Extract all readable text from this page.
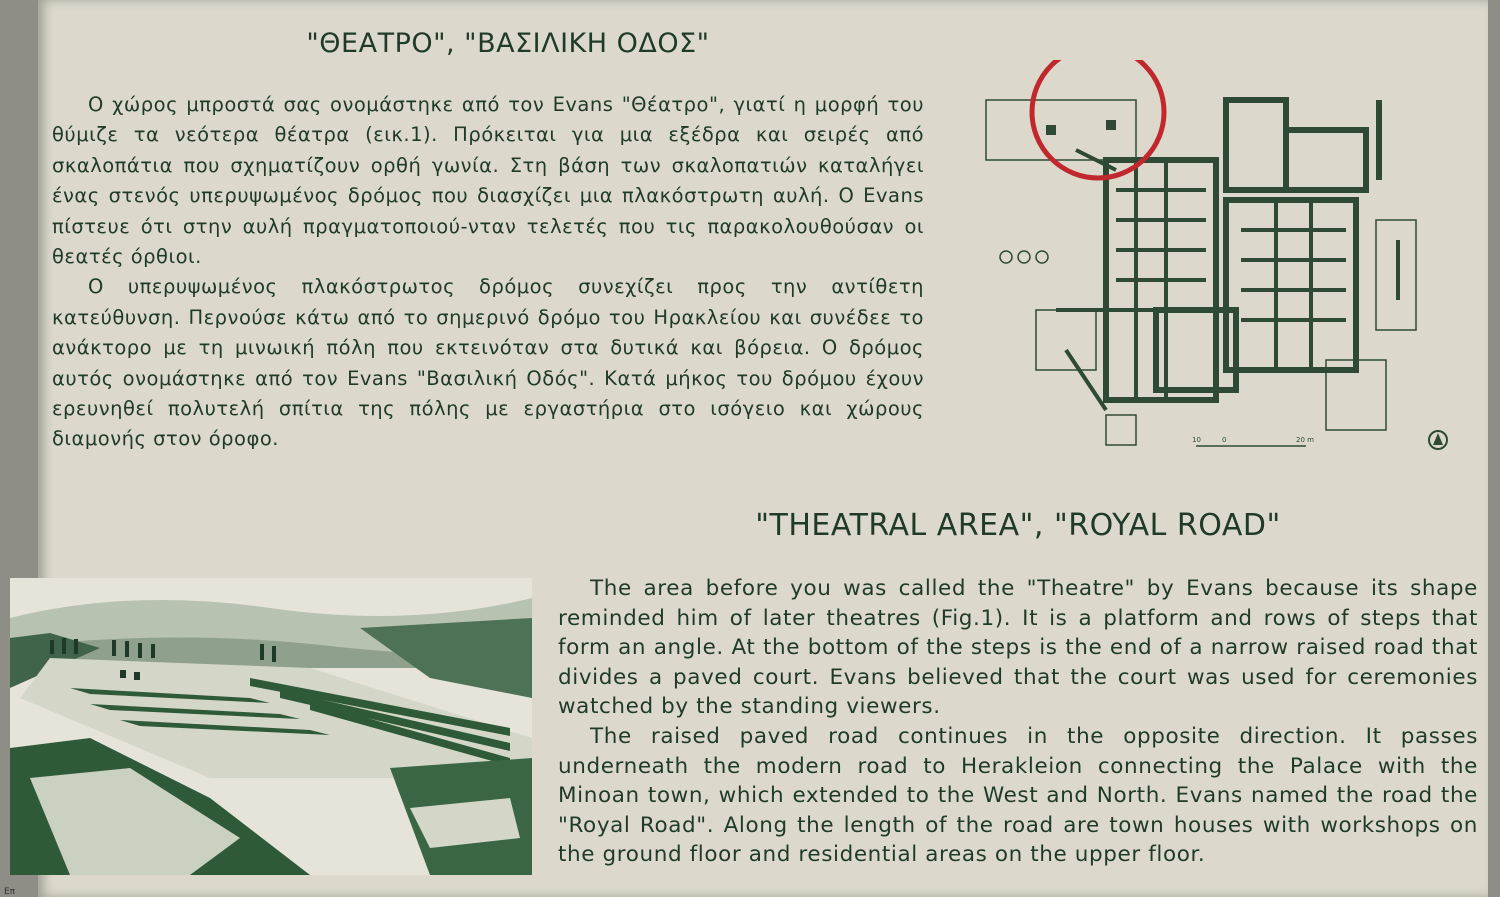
"ΘΕΑΤΡΟ", "ΒΑΣΙΛΙΚΗ ΟΔΟΣ"

Ο χώρος μπροστά σας ονομάστηκε από τον Evans "Θέατρο", γιατί η μορφή του θύμιζε τα νεότερα θέατρα (εικ.1). Πρόκειται για μια εξέδρα και σειρές από σκαλοπάτια που σχηματίζουν ορθή γωνία. Στη βάση των σκαλοπατιών καταλήγει ένας στενός υπερυψωμένος δρόμος που διασχίζει μια πλακόστρωτη αυλή. Ο Evans πίστευε ότι στην αυλή πραγματοποιού-νταν τελετές που τις παρακολουθούσαν οι θεατές όρθιοι.

Ο υπερυψωμένος πλακόστρωτος δρόμος συνεχίζει προς την αντίθετη κατεύθυνση. Περνούσε κάτω από το σημερινό δρόμο του Ηρακλείου και συνέδεε το ανάκτορο με τη μινωική πόλη που εκτεινόταν στα δυτικά και βόρεια. Ο δρόμος αυτός ονομάστηκε από τον Evans "Βασιλική Οδός". Κατά μήκος του δρόμου έχουν ερευνηθεί πολυτελή σπίτια της πόλης με εργαστήρια στο ισόγειο και χώρους διαμονής στον όροφο.	10	0	20 m
"THEATRAL AREA", "ROYAL ROAD"

The area before you was called the "Theatre" by Evans because its shape reminded him of later theatres (Fig.1). It is a platform and rows of steps that form an angle. At the bottom of the steps is the end of a narrow raised road that divides a paved court. Evans believed that the court was used for ceremonies watched by the standing viewers.

The raised paved road continues in the opposite direction. It passes underneath the modern road to Herakleion connecting the Palace with the Minoan town, which extended to the West and North. Evans named the road the "Royal Road". Along the length of the road are town houses with workshops on the ground floor and residential areas on the upper floor.

Επ
